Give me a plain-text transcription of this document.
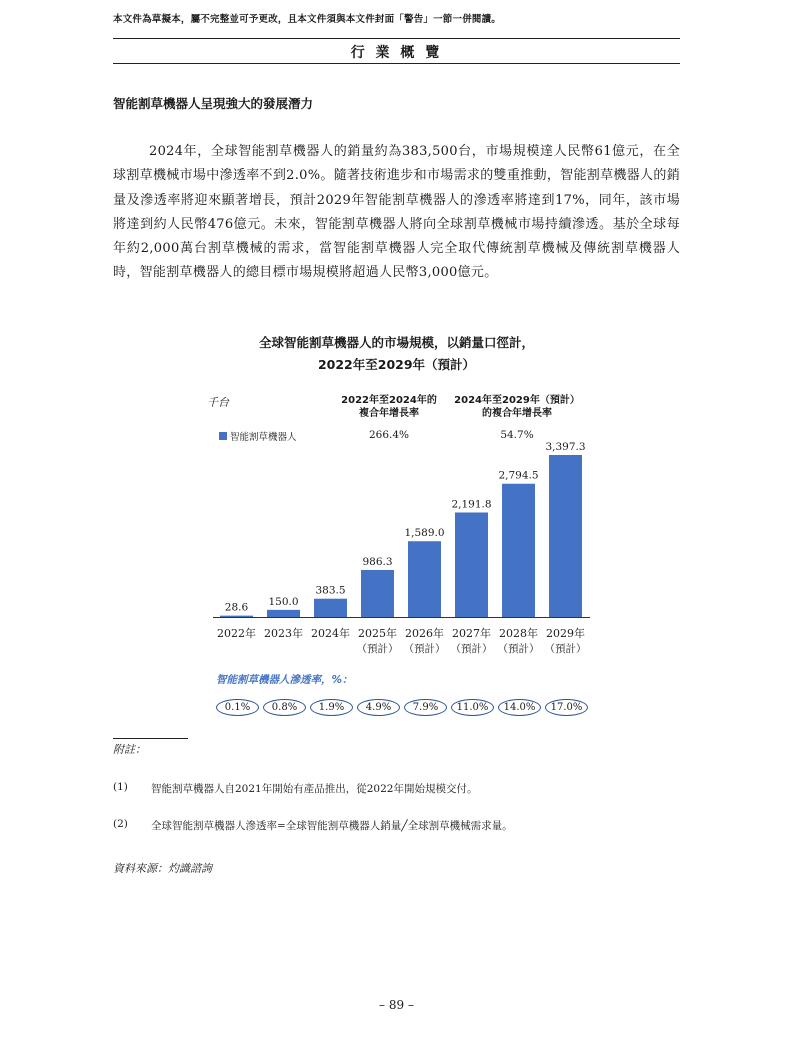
本文件為草擬本，屬不完整並可予更改，且本文件須與本文件封面「警告」一節一併閱讀。
行 業 概 覽
智能割草機器人呈現強大的發展潛力
2024年，全球智能割草機器人的銷量約為383,500台，市場規模達人民幣61億元，在全球割草機械市場中滲透率不到2.0%。隨著技術進步和市場需求的雙重推動，智能割草機器人的銷量及滲透率將迎來顯著增長，預計2029年智能割草機器人的滲透率將達到17%，同年，該市場將達到約人民幣476億元。未來，智能割草機器人將向全球割草機械市場持續滲透。基於全球每年約2,000萬台割草機械的需求，當智能割草機器人完全取代傳統割草機械及傳統割草機器人時，智能割草機器人的總目標市場規模將超過人民幣3,000億元。
全球智能割草機器人的市場規模，以銷量口徑計，
2022年至2029年（預計）
千台	2022年至2024年的
複合年增長率
266.4%
2024年至2029年（預計）
的複合年增長率
54.7%
智能割草機器人
28.6
2022年
150.0
2023年
383.5
2024年
986.3
2025年
（預計）
1,589.0
2026年
（預計）
2,191.8
2027年
（預計）
2,794.5
2028年
（預計）
3,397.3
2029年
（預計）
智能割草機器人滲透率，%：
0.1%	0.8%	1.9%	4.9%	7.9%	11.0%	14.0%	17.0%
附註：
(1) 智能割草機器人自2021年開始有產品推出，從2022年開始規模交付。
(2) 全球智能割草機器人滲透率=全球智能割草機器人銷量╱全球割草機械需求量。
資料來源：灼識諮詢
– 89 –
